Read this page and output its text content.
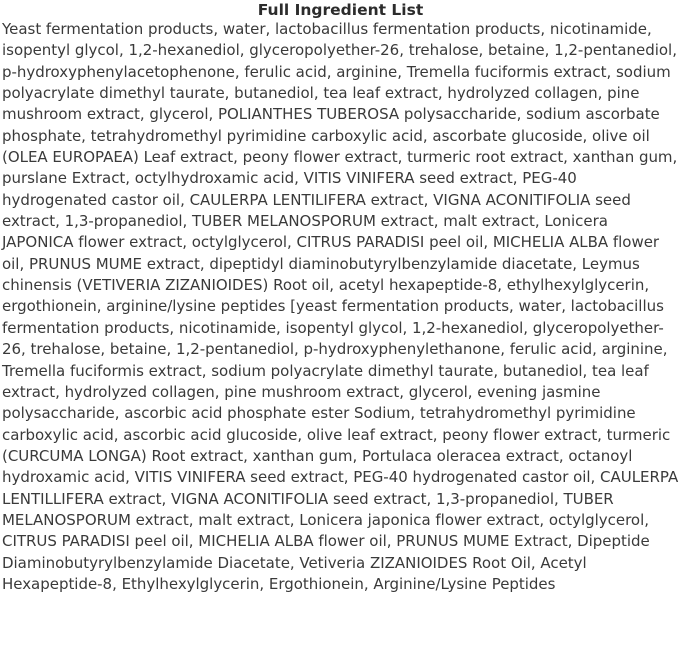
Full Ingredient List

Yeast fermentation products, water, lactobacillus fermentation products, nicotinamide, isopentyl glycol, 1,2-hexanediol, glyceropolyether-26, trehalose, betaine, 1,2-pentanediol, p-hydroxyphenylacetophenone, ferulic acid, arginine, Tremella fuciformis extract, sodium polyacrylate dimethyl taurate, butanediol, tea leaf extract, hydrolyzed collagen, pine mushroom extract, glycerol, POLIANTHES TUBEROSA polysaccharide, sodium ascorbate phosphate, tetrahydromethyl pyrimidine carboxylic acid, ascorbate glucoside, olive oil (OLEA EUROPAEA) Leaf extract, peony flower extract, turmeric root extract, xanthan gum, purslane Extract, octylhydroxamic acid, VITIS VINIFERA seed extract, PEG-40 hydrogenated castor oil, CAULERPA LENTILIFERA extract, VIGNA ACONITIFOLIA seed extract, 1,3-propanediol, TUBER MELANOSPORUM extract, malt extract, Lonicera JAPONICA flower extract, octylglycerol, CITRUS PARADISI peel oil, MICHELIA ALBA flower oil, PRUNUS MUME extract, dipeptidyl diaminobutyrylbenzylamide diacetate, Leymus chinensis (VETIVERIA ZIZANIOIDES) Root oil, acetyl hexapeptide-8, ethylhexylglycerin, ergothionein, arginine/lysine peptides [yeast fermentation products, water, lactobacillus fermentation products, nicotinamide, isopentyl glycol, 1,2-hexanediol, glyceropolyether-26, trehalose, betaine, 1,2-pentanediol, p-hydroxyphenylethanone, ferulic acid, arginine, Tremella fuciformis extract, sodium polyacrylate dimethyl taurate, butanediol, tea leaf extract, hydrolyzed collagen, pine mushroom extract, glycerol, evening jasmine polysaccharide, ascorbic acid phosphate ester Sodium, tetrahydromethyl pyrimidine carboxylic acid, ascorbic acid glucoside, olive leaf extract, peony flower extract, turmeric (CURCUMA LONGA) Root extract, xanthan gum, Portulaca oleracea extract, octanoyl hydroxamic acid, VITIS VINIFERA seed extract, PEG-40 hydrogenated castor oil, CAULERPA LENTILLIFERA extract, VIGNA ACONITIFOLIA seed extract, 1,3-propanediol, TUBER MELANOSPORUM extract, malt extract, Lonicera japonica flower extract, octylglycerol, CITRUS PARADISI peel oil, MICHELIA ALBA flower oil, PRUNUS MUME Extract, Dipeptide Diaminobutyrylbenzylamide Diacetate, Vetiveria ZIZANIOIDES Root Oil, Acetyl Hexapeptide-8, Ethylhexylglycerin, Ergothionein, Arginine/Lysine Peptides
